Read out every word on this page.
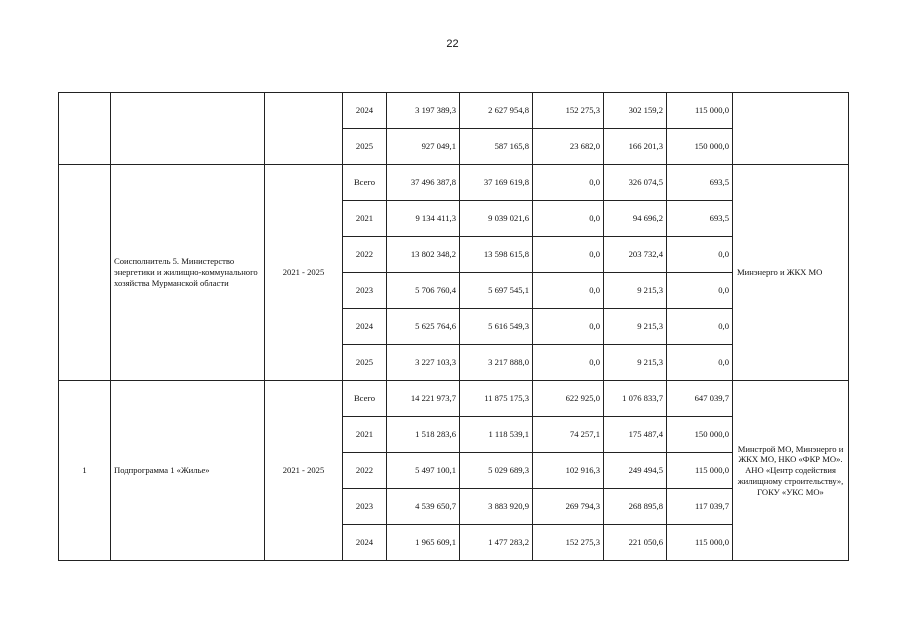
22
			2024	3 197 389,3	2 627 954,8	152 275,3	302 159,2	115 000,0	
			2025	927 049,1	587 165,8	23 682,0	166 201,3	150 000,0	
	Соисполнитель 5. Министерство энергетики и жилищно-коммунального хозяйства Мурманской области	2021 - 2025	Всего	37 496 387,8	37 169 619,8	0,0	326 074,5	693,5	Минэнерго и ЖКХ МО
			2021	9 134 411,3	9 039 021,6	0,0	94 696,2	693,5	
			2022	13 802 348,2	13 598 615,8	0,0	203 732,4	0,0	
			2023	5 706 760,4	5 697 545,1	0,0	9 215,3	0,0	
			2024	5 625 764,6	5 616 549,3	0,0	9 215,3	0,0	
			2025	3 227 103,3	3 217 888,0	0,0	9 215,3	0,0	
1	Подпрограмма 1 «Жилье»	2021 - 2025	Всего	14 221 973,7	11 875 175,3	622 925,0	1 076 833,7	647 039,7	Минстрой МО, Минэнерго и ЖКХ МО, НКО «ФКР МО». АНО «Центр содействия жилищному строительству», ГОКУ «УКС МО»
			2021	1 518 283,6	1 118 539,1	74 257,1	175 487,4	150 000,0	
			2022	5 497 100,1	5 029 689,3	102 916,3	249 494,5	115 000,0	
			2023	4 539 650,7	3 883 920,9	269 794,3	268 895,8	117 039,7	
			2024	1 965 609,1	1 477 283,2	152 275,3	221 050,6	115 000,0	
